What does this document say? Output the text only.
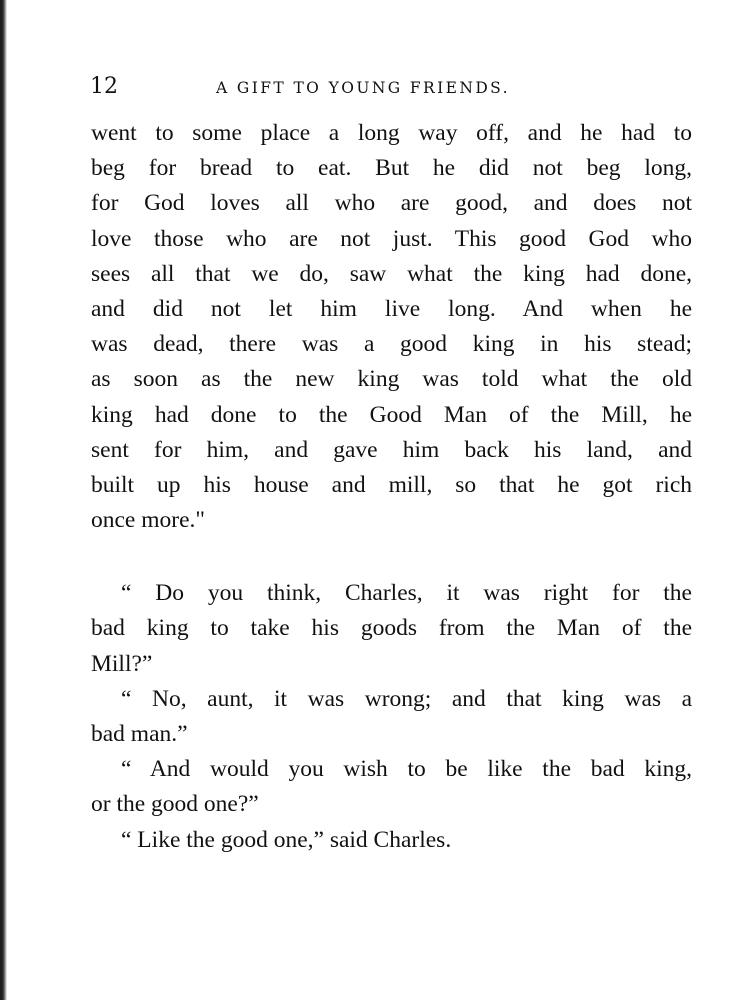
12	A GIFT TO YOUNG FRIENDS.
went to some place a long way off, and he had to
beg for bread to eat. But he did not beg long,
for God loves all who are good, and does not
love those who are not just. This good God who
sees all that we do, saw what the king had done,
and did not let him live long. And when he
was dead, there was a good king in his stead;
as soon as the new king was told what the old
king had done to the Good Man of the Mill, he
sent for him, and gave him back his land, and
built up his house and mill, so that he got rich
once more."
“ Do you think, Charles, it was right for the
bad king to take his goods from the Man of the
Mill?”
“ No, aunt, it was wrong; and that king was a
bad man.”
“ And would you wish to be like the bad king,
or the good one?”
“ Like the good one,” said Charles.
